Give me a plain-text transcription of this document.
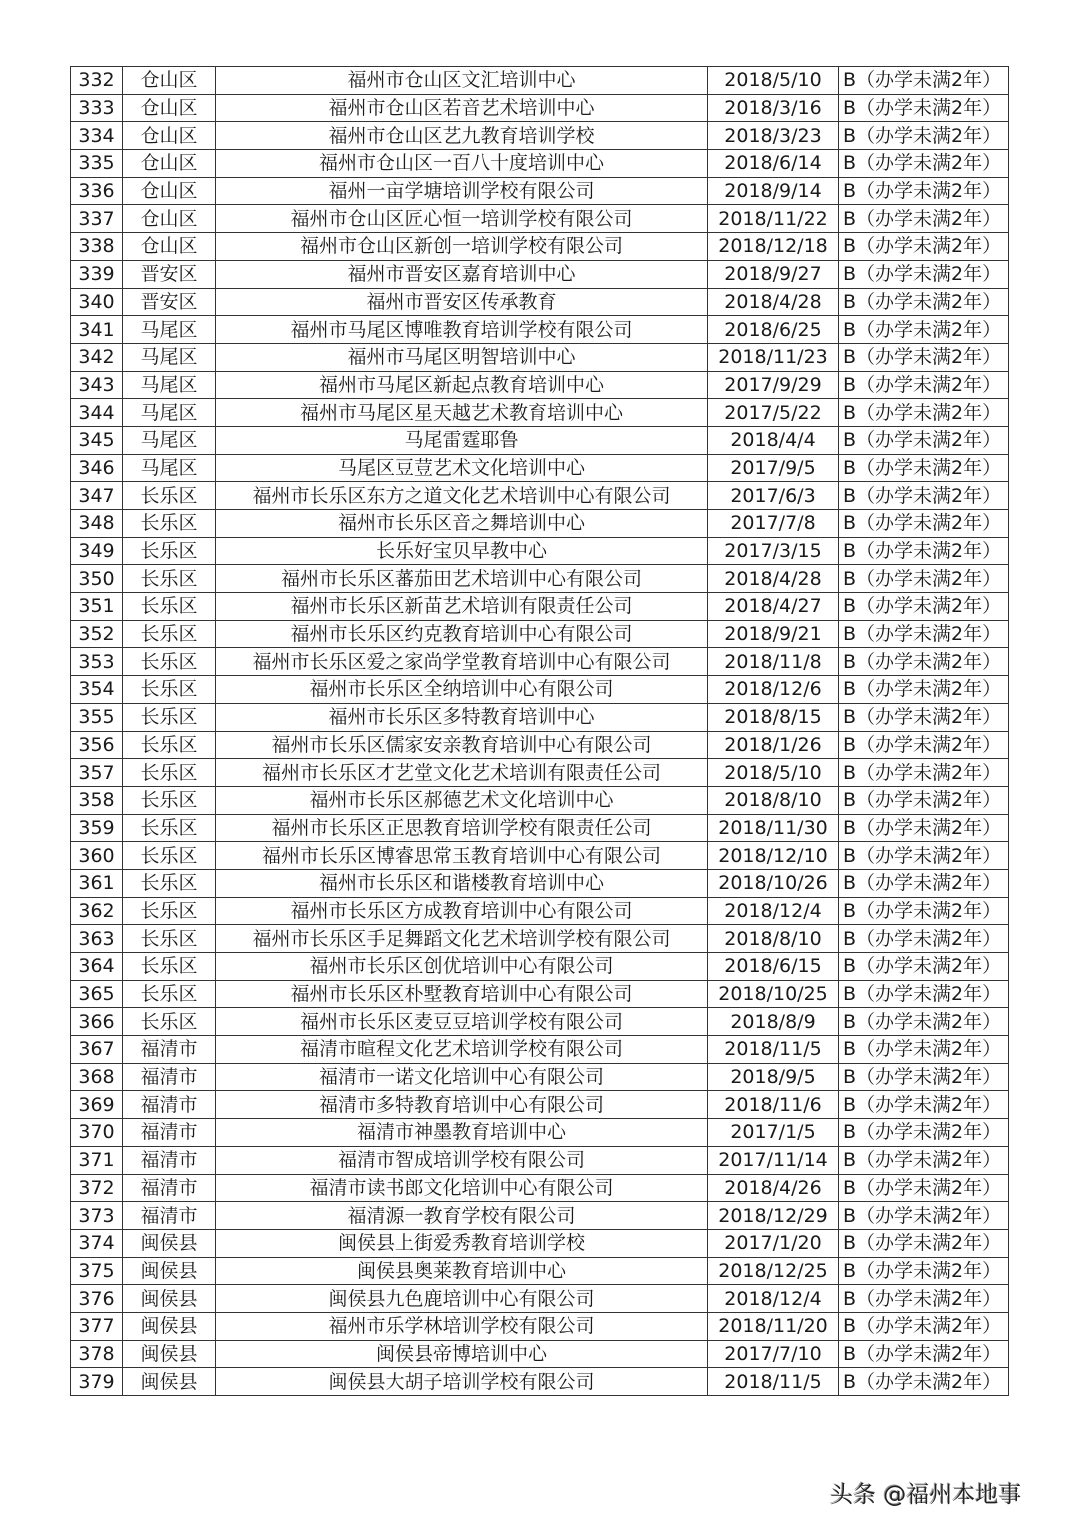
332	仓山区	福州市仓山区文汇培训中心	2018/5/10	B（办学未满2年）
333	仓山区	福州市仓山区若音艺术培训中心	2018/3/16	B（办学未满2年）
334	仓山区	福州市仓山区艺九教育培训学校	2018/3/23	B（办学未满2年）
335	仓山区	福州市仓山区一百八十度培训中心	2018/6/14	B（办学未满2年）
336	仓山区	福州一亩学塘培训学校有限公司	2018/9/14	B（办学未满2年）
337	仓山区	福州市仓山区匠心恒一培训学校有限公司	2018/11/22	B（办学未满2年）
338	仓山区	福州市仓山区新创一培训学校有限公司	2018/12/18	B（办学未满2年）
339	晋安区	福州市晋安区嘉育培训中心	2018/9/27	B（办学未满2年）
340	晋安区	福州市晋安区传承教育	2018/4/28	B（办学未满2年）
341	马尾区	福州市马尾区博唯教育培训学校有限公司	2018/6/25	B（办学未满2年）
342	马尾区	福州市马尾区明智培训中心	2018/11/23	B（办学未满2年）
343	马尾区	福州市马尾区新起点教育培训中心	2017/9/29	B（办学未满2年）
344	马尾区	福州市马尾区星天越艺术教育培训中心	2017/5/22	B（办学未满2年）
345	马尾区	马尾雷霆耶鲁	2018/4/4	B（办学未满2年）
346	马尾区	马尾区豆荳艺术文化培训中心	2017/9/5	B（办学未满2年）
347	长乐区	福州市长乐区东方之道文化艺术培训中心有限公司	2017/6/3	B（办学未满2年）
348	长乐区	福州市长乐区音之舞培训中心	2017/7/8	B（办学未满2年）
349	长乐区	长乐好宝贝早教中心	2017/3/15	B（办学未满2年）
350	长乐区	福州市长乐区蕃茄田艺术培训中心有限公司	2018/4/28	B（办学未满2年）
351	长乐区	福州市长乐区新苗艺术培训有限责任公司	2018/4/27	B（办学未满2年）
352	长乐区	福州市长乐区约克教育培训中心有限公司	2018/9/21	B（办学未满2年）
353	长乐区	福州市长乐区爱之家尚学堂教育培训中心有限公司	2018/11/8	B（办学未满2年）
354	长乐区	福州市长乐区全纳培训中心有限公司	2018/12/6	B（办学未满2年）
355	长乐区	福州市长乐区多特教育培训中心	2018/8/15	B（办学未满2年）
356	长乐区	福州市长乐区儒家安亲教育培训中心有限公司	2018/1/26	B（办学未满2年）
357	长乐区	福州市长乐区才艺堂文化艺术培训有限责任公司	2018/5/10	B（办学未满2年）
358	长乐区	福州市长乐区郝德艺术文化培训中心	2018/8/10	B（办学未满2年）
359	长乐区	福州市长乐区正思教育培训学校有限责任公司	2018/11/30	B（办学未满2年）
360	长乐区	福州市长乐区博睿思常玉教育培训中心有限公司	2018/12/10	B（办学未满2年）
361	长乐区	福州市长乐区和谐楼教育培训中心	2018/10/26	B（办学未满2年）
362	长乐区	福州市长乐区方成教育培训中心有限公司	2018/12/4	B（办学未满2年）
363	长乐区	福州市长乐区手足舞蹈文化艺术培训学校有限公司	2018/8/10	B（办学未满2年）
364	长乐区	福州市长乐区创优培训中心有限公司	2018/6/15	B（办学未满2年）
365	长乐区	福州市长乐区朴墅教育培训中心有限公司	2018/10/25	B（办学未满2年）
366	长乐区	福州市长乐区麦豆豆培训学校有限公司	2018/8/9	B（办学未满2年）
367	福清市	福清市暄程文化艺术培训学校有限公司	2018/11/5	B（办学未满2年）
368	福清市	福清市一诺文化培训中心有限公司	2018/9/5	B（办学未满2年）
369	福清市	福清市多特教育培训中心有限公司	2018/11/6	B（办学未满2年）
370	福清市	福清市神墨教育培训中心	2017/1/5	B（办学未满2年）
371	福清市	福清市智成培训学校有限公司	2017/11/14	B（办学未满2年）
372	福清市	福清市读书郎文化培训中心有限公司	2018/4/26	B（办学未满2年）
373	福清市	福清源一教育学校有限公司	2018/12/29	B（办学未满2年）
374	闽侯县	闽侯县上街爱秀教育培训学校	2017/1/20	B（办学未满2年）
375	闽侯县	闽侯县奥莱教育培训中心	2018/12/25	B（办学未满2年）
376	闽侯县	闽侯县九色鹿培训中心有限公司	2018/12/4	B（办学未满2年）
377	闽侯县	福州市乐学林培训学校有限公司	2018/11/20	B（办学未满2年）
378	闽侯县	闽侯县帝博培训中心	2017/7/10	B（办学未满2年）
379	闽侯县	闽侯县大胡子培训学校有限公司	2018/11/5	B（办学未满2年）
头条 @福州本地事
